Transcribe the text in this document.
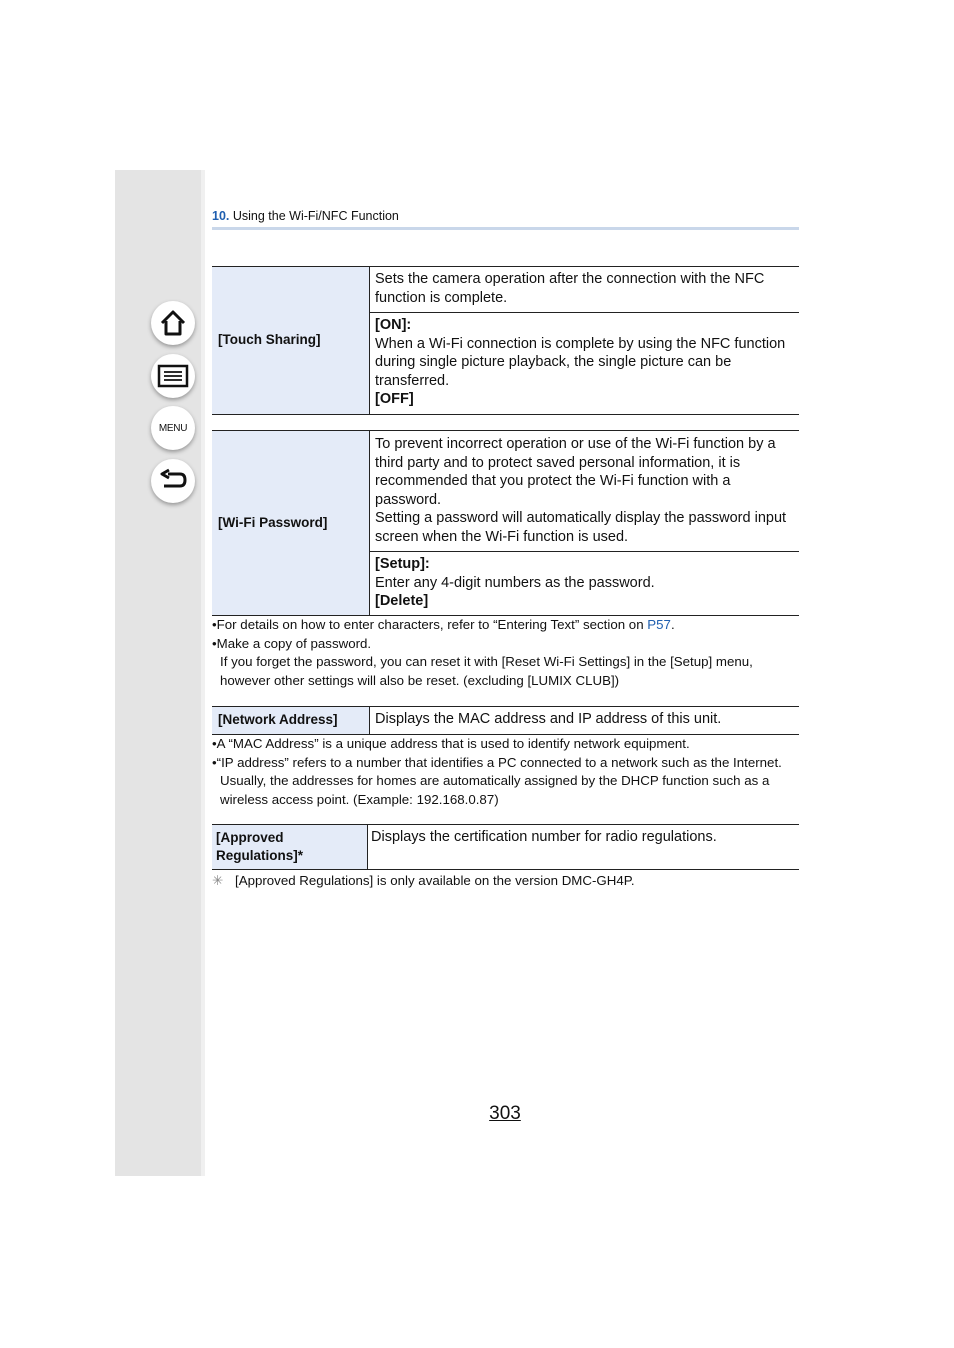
MENU
10. Using the Wi-Fi/NFC Function
[Touch Sharing]	Sets the camera operation after the connection with the NFC function is complete.

[ON]:
When a Wi-Fi connection is complete by using the NFC function during single picture playback, the single picture can be transferred.
[OFF]
[Wi-Fi Password]	
To prevent incorrect operation or use of the Wi-Fi function by a third party and to protect saved personal information, it is recommended that you protect the Wi-Fi function with a password.
Setting a password will automatically display the password input screen when the Wi-Fi function is used.

[Setup]:
Enter any 4-digit numbers as the password.
[Delete]
•For details on how to enter characters, refer to “Entering Text” section on P57.
•Make a copy of password.
If you forget the password, you can reset it with [Reset Wi-Fi Settings] in the [Setup] menu, however other settings will also be reset. (excluding [LUMIX CLUB])
[Network Address]	Displays the MAC address and IP address of this unit.
•A “MAC Address” is a unique address that is used to identify network equipment.
•“IP address” refers to a number that identifies a PC connected to a network such as the Internet. Usually, the addresses for homes are automatically assigned by the DHCP function such as a wireless access point. (Example: 192.168.0.87)
[Approved
Regulations]*
	Displays the certification number for radio regulations.
✳ [Approved Regulations] is only available on the version DMC-GH4P.
303
